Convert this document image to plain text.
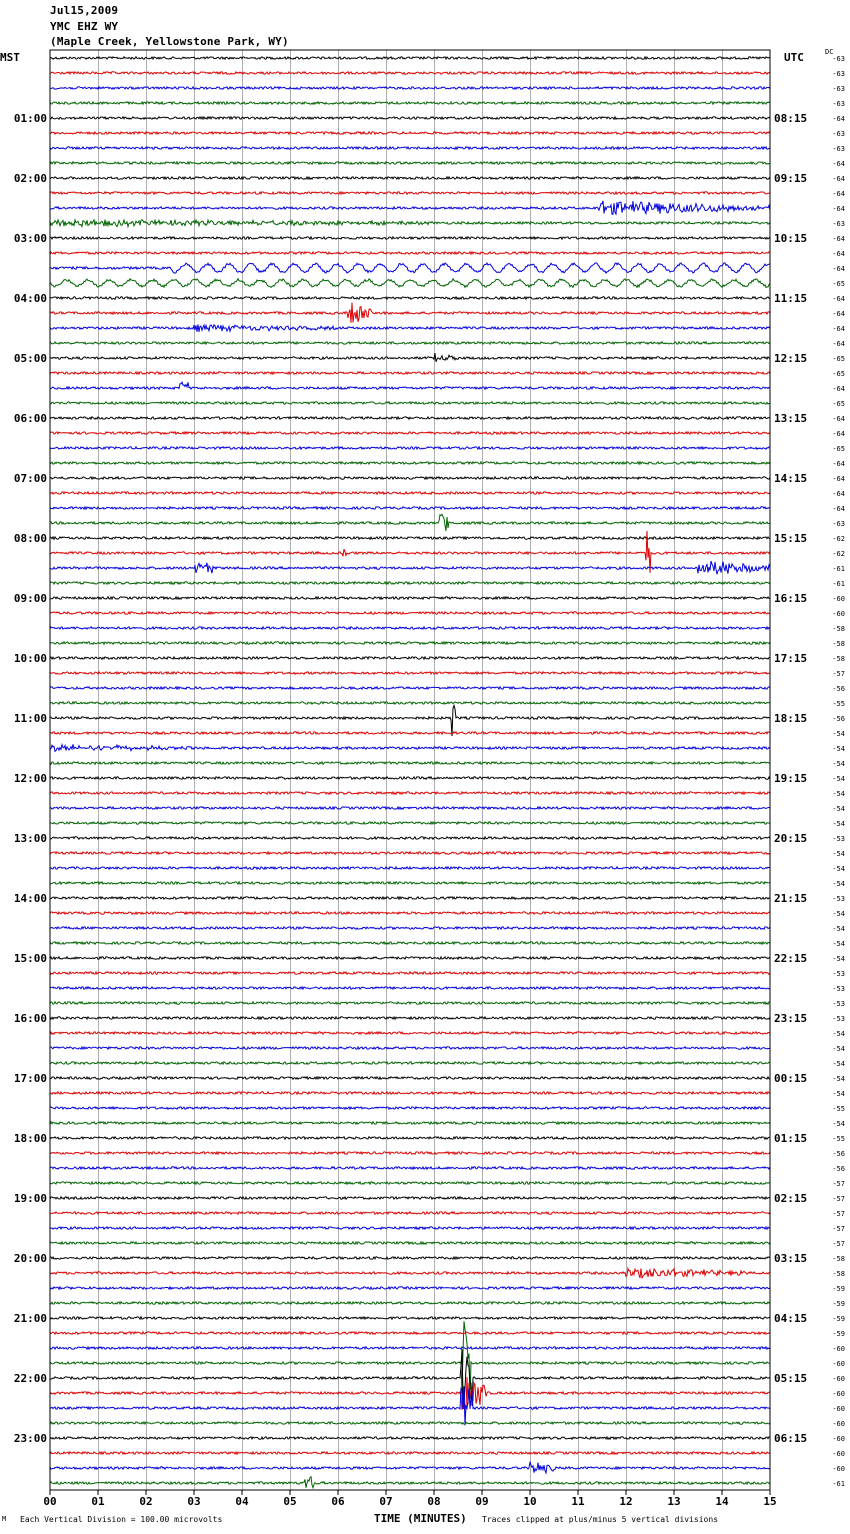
Jul15,2009
YMC EHZ WY
(Maple Creek, Yellowstone Park, WY)
MST	UTC	DC
00	01	02	03	04	05	06	07	08	09	10	11	12	13	14	15
01:00
02:00
03:00
04:00
05:00
06:00
07:00
08:00
09:00
10:00
11:00
12:00
13:00
14:00
15:00
16:00
17:00
18:00
19:00
20:00
21:00
22:00
23:00
08:15
09:15
10:15
11:15
12:15
13:15
14:15
15:15
16:15
17:15
18:15
19:15
20:15
21:15
22:15
23:15
00:15
01:15
02:15
03:15
04:15
05:15
06:15
-63
-63
-63
-63
-64
-63
-63
-64
-64
-64
-64
-63
-64
-64
-64
-65
-64
-64
-64
-64
-65
-65
-64
-65
-64
-64
-65
-64
-64
-64
-64
-63
-62
-62
-61
-61
-60
-60
-58
-58
-58
-57
-56
-55
-56
-54
-54
-54
-54
-54
-54
-54
-53
-54
-54
-54
-53
-54
-54
-54
-54
-53
-53
-53
-53
-54
-54
-54
-54
-54
-55
-54
-55
-56
-56
-57
-57
-57
-57
-57
-58
-58
-59
-59
-59
-59
-60
-60
-60
-60
-60
-60
-60
-60
-60
-61
M Each Vertical Division = 100.00 microvolts	TIME (MINUTES) Traces clipped at plus/minus 5 vertical divisions
